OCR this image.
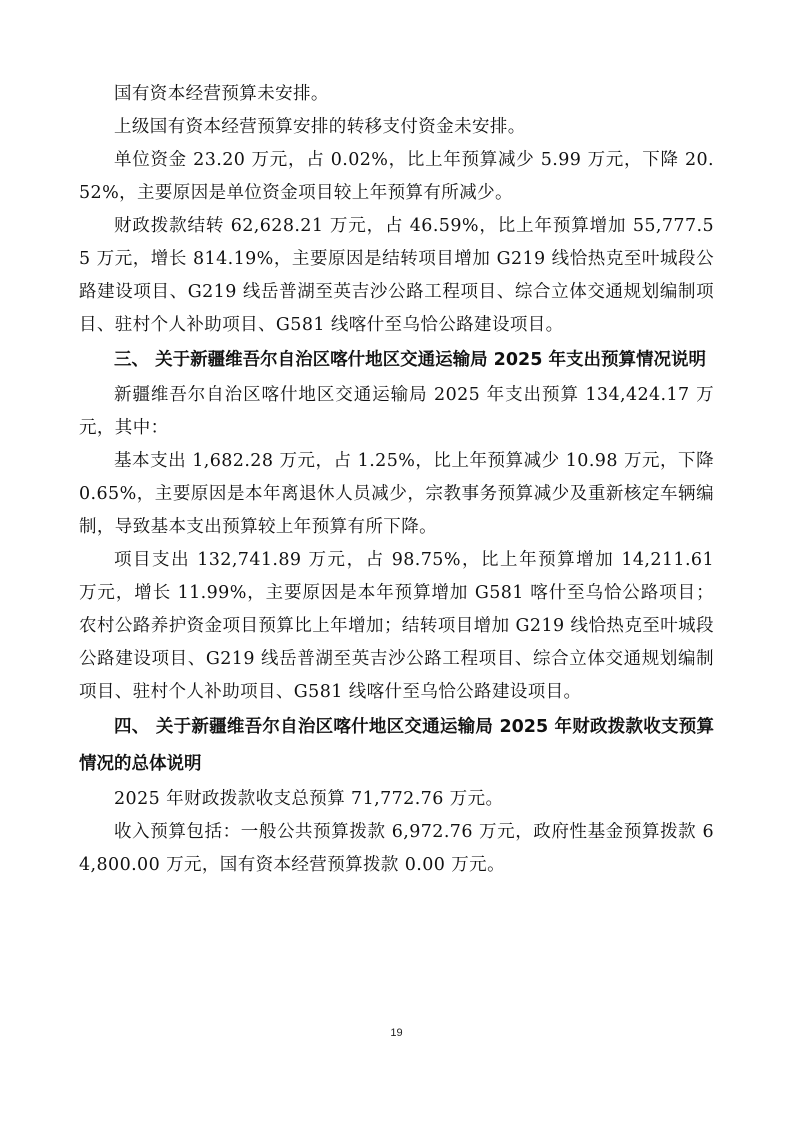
国有资本经营预算未安排。

上级国有资本经营预算安排的转移支付资金未安排。

单位资金 23.20 万元，占 0.02%，比上年预算减少 5.99 万元，下降 20.52%，主要原因是单位资金项目较上年预算有所减少。

财政拨款结转 62,628.21 万元，占 46.59%，比上年预算增加 55,777.55 万元，增长 814.19%，主要原因是结转项目增加 G219 线恰热克至叶城段公路建设项目、G219 线岳普湖至英吉沙公路工程项目、综合立体交通规划编制项目、驻村个人补助项目、G581 线喀什至乌恰公路建设项目。

三、 关于新疆维吾尔自治区喀什地区交通运输局 2025 年支出预算情况说明

新疆维吾尔自治区喀什地区交通运输局 2025 年支出预算 134,424.17 万元，其中：

基本支出 1,682.28 万元，占 1.25%，比上年预算减少 10.98 万元，下降 0.65%，主要原因是本年离退休人员减少，宗教事务预算减少及重新核定车辆编制，导致基本支出预算较上年预算有所下降。

项目支出 132,741.89 万元，占 98.75%，比上年预算增加 14,211.61 万元，增长 11.99%，主要原因是本年预算增加 G581 喀什至乌恰公路项目；农村公路养护资金项目预算比上年增加；结转项目增加 G219 线恰热克至叶城段公路建设项目、G219 线岳普湖至英吉沙公路工程项目、综合立体交通规划编制项目、驻村个人补助项目、G581 线喀什至乌恰公路建设项目。

四、 关于新疆维吾尔自治区喀什地区交通运输局 2025 年财政拨款收支预算情况的总体说明

2025 年财政拨款收支总预算 71,772.76 万元。

收入预算包括：一般公共预算拨款 6,972.76 万元，政府性基金预算拨款 64,800.00 万元，国有资本经营预算拨款 0.00 万元。

19
